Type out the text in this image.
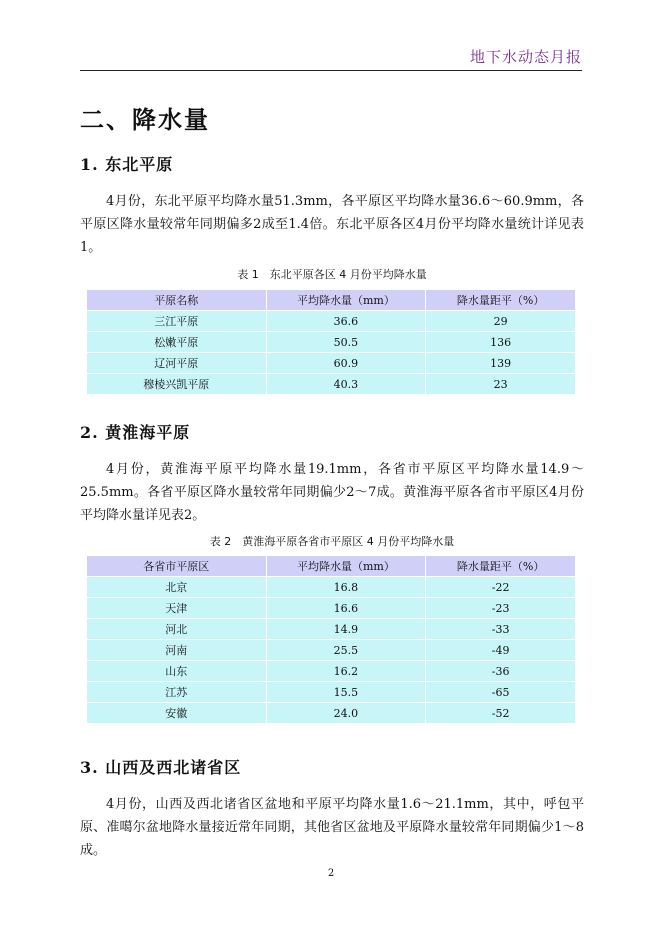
地下水动态月报
二、降水量
1. 东北平原

4月份，东北平原平均降水量51.3mm，各平原区平均降水量36.6～60.9mm，各平原区降水量较常年同期偏多2成至1.4倍。东北平原各区4月份平均降水量统计详见表1。

表 1　东北平原各区 4 月份平均降水量
平原名称	平均降水量（mm）	降水量距平（%）
三江平原	36.6	29
松嫩平原	50.5	136
辽河平原	60.9	139
穆棱兴凯平原	40.3	23
2. 黄淮海平原

4月份，黄淮海平原平均降水量19.1mm，各省市平原区平均降水量14.9～25.5mm。各省平原区降水量较常年同期偏少2～7成。黄淮海平原各省市平原区4月份平均降水量详见表2。

表 2　黄淮海平原各省市平原区 4 月份平均降水量
各省市平原区	平均降水量（mm）	降水量距平（%）
北京	16.8	-22
天津	16.6	-23
河北	14.9	-33
河南	25.5	-49
山东	16.2	-36
江苏	15.5	-65
安徽	24.0	-52
3. 山西及西北诸省区

4月份，山西及西北诸省区盆地和平原平均降水量1.6～21.1mm，其中，呼包平原、准噶尔盆地降水量接近常年同期，其他省区盆地及平原降水量较常年同期偏少1～8成。

2
